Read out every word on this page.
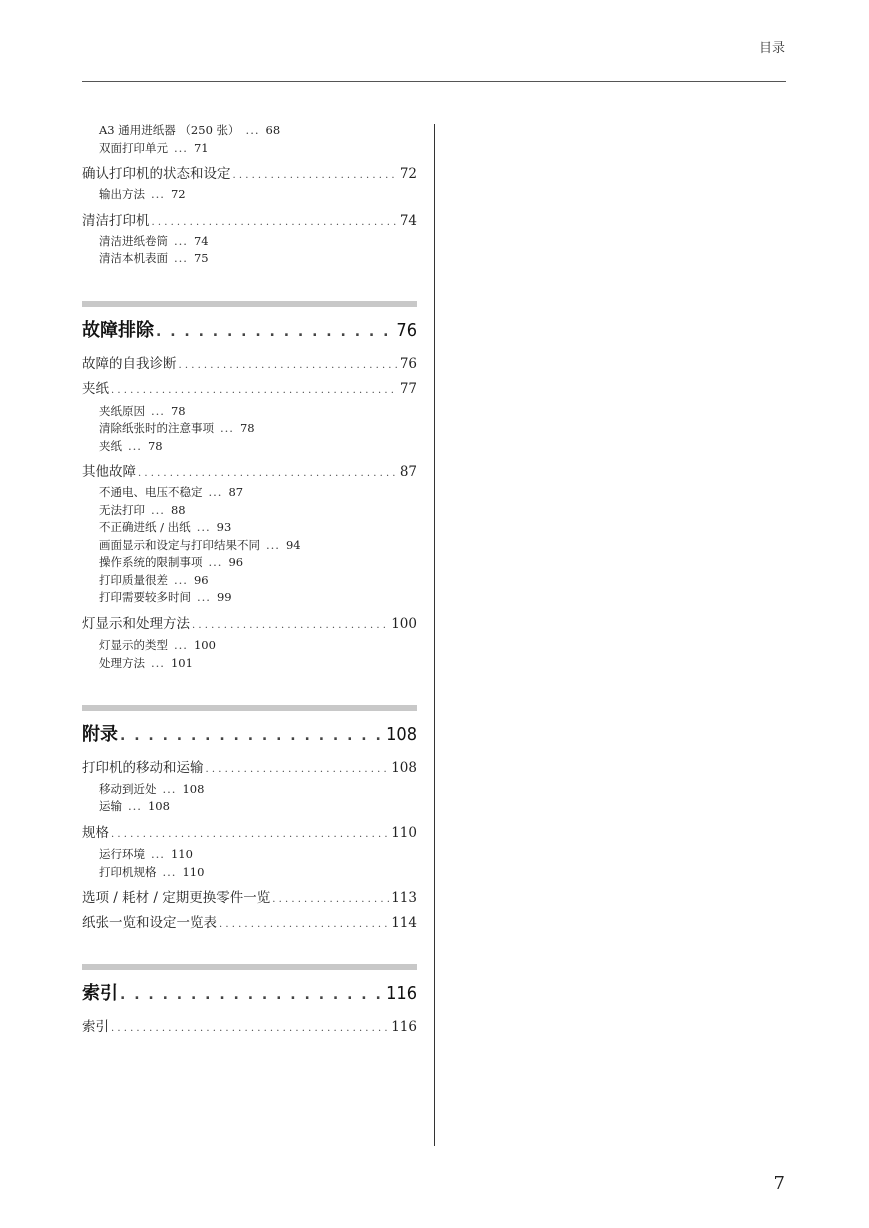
目录
A3 通用进纸器 （250 张） ... 68
双面打印单元 ... 71
确认打印机的状态和设定 . . .	72
输出方法 ... 72
清洁打印机 . . .	74
清洁进纸卷筒 ... 74
清洁本机表面 ... 75
故障排除 . . .	76
故障的自我诊断 . . .	76
夹纸 . . .	77
夹纸原因 ... 78
清除纸张时的注意事项 ... 78
夹纸 ... 78
其他故障 . . .	87
不通电、电压不稳定 ... 87
无法打印 ... 88
不正确进纸 / 出纸 ... 93
画面显示和设定与打印结果不同 ... 94
操作系统的限制事项 ... 96
打印质量很差 ... 96
打印需要较多时间 ... 99
灯显示和处理方法 . . .	100
灯显示的类型 ... 100
处理方法 ... 101
附录 . . .	108
打印机的移动和运输 . . .	108
移动到近处 ... 108
运输 ... 108
规格 . . .	110
运行环境 ... 110
打印机规格 ... 110
选项 / 耗材 / 定期更换零件一览 . . .	113
纸张一览和设定一览表 . . .	114
索引 . . .	116
索引 . . .	116
7
